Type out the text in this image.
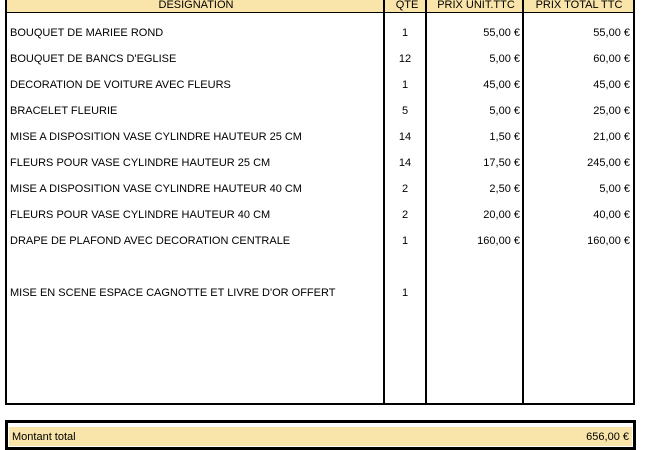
DESIGNATION	QTE	PRIX UNIT.TTC	PRIX TOTAL TTC
BOUQUET DE MARIEE ROND	1	55,00 €	55,00 €
BOUQUET DE BANCS D'EGLISE	12	5,00 €	60,00 €
DECORATION DE VOITURE AVEC FLEURS	1	45,00 €	45,00 €
BRACELET FLEURIE	5	5,00 €	25,00 €
MISE A DISPOSITION VASE CYLINDRE HAUTEUR 25 CM	14	1,50 €	21,00 €
FLEURS POUR VASE CYLINDRE HAUTEUR 25 CM	14	17,50 €	245,00 €
MISE A DISPOSITION VASE CYLINDRE HAUTEUR 40 CM	2	2,50 €	5,00 €
FLEURS POUR VASE CYLINDRE HAUTEUR 40 CM	2	20,00 €	40,00 €
DRAPE DE PLAFOND AVEC DECORATION CENTRALE	1	160,00 €	160,00 €
MISE EN SCENE ESPACE CAGNOTTE ET LIVRE D'OR OFFERT	1
Montant total	656,00 €
